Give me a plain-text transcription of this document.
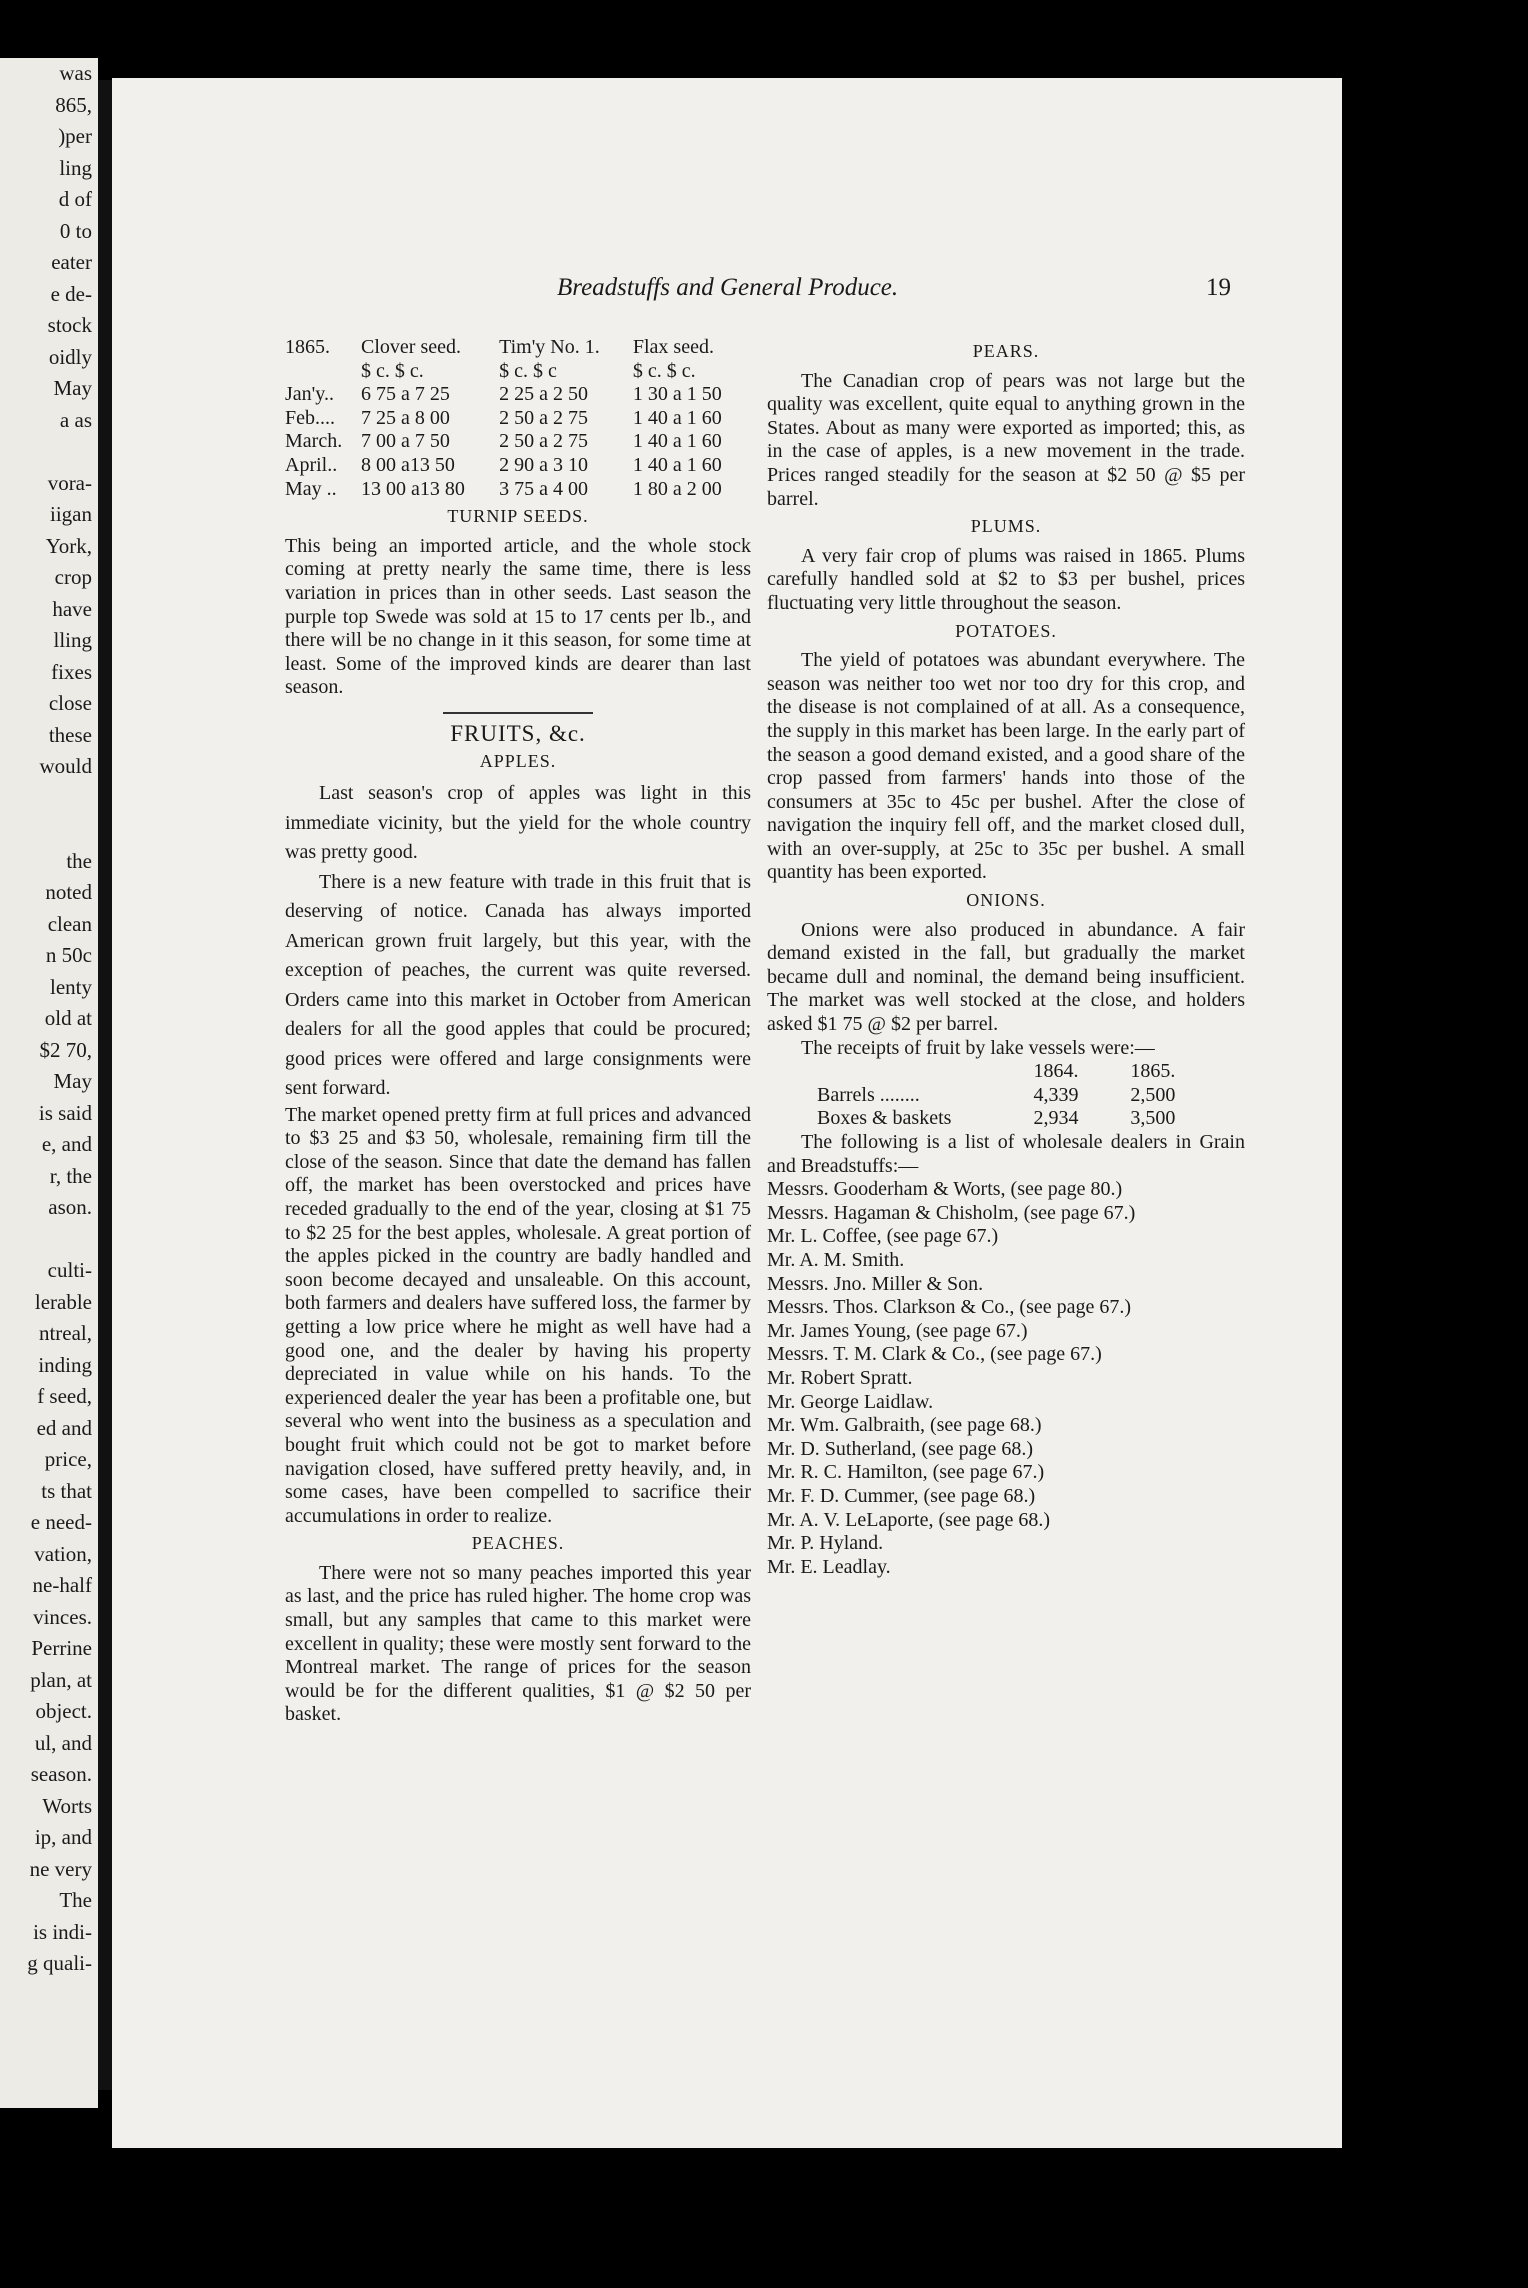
was
865,
)per
ling
d of
0 to
eater
e de-
stock
oidly
May
a as
vora-
iigan
York,
crop
have
lling
fixes
close
these
would
the
noted
clean
n 50c
lenty
old at
$2 70,
May
is said
e, and
r, the
ason.
culti-
lerable
ntreal,
inding
f seed,
ed and
price,
ts that
e need-
vation,
ne-half
vinces.
Perrine
plan, at
object.
ul, and
season.
Worts
ip, and
ne very
The
is indi-
g quali-
Breadstuffs and General Produce.	19
1865.	Clover seed.	Tim'y No. 1.	Flax seed.
	$ c. $ c.	$ c. $ c	$ c. $ c.
Jan'y..	6 75 a 7 25	2 25 a 2 50	1 30 a 1 50
Feb....	7 25 a 8 00	2 50 a 2 75	1 40 a 1 60
March.	7 00 a 7 50	2 50 a 2 75	1 40 a 1 60
April..	8 00 a13 50	2 90 a 3 10	1 40 a 1 60
May ..	13 00 a13 80	3 75 a 4 00	1 80 a 2 00
TURNIP SEEDS.

This being an imported article, and the whole stock coming at pretty nearly the same time, there is less variation in prices than in other seeds. Last season the purple top Swede was sold at 15 to 17 cents per lb., and there will be no change in it this season, for some time at least. Some of the improved kinds are dearer than last season.

FRUITS, &c.
APPLES.

Last season's crop of apples was light in this immediate vicinity, but the yield for the whole country was pretty good.

There is a new feature with trade in this fruit that is deserving of notice. Canada has always imported American grown fruit largely, but this year, with the exception of peaches, the current was quite reversed. Orders came into this market in October from American dealers for all the good apples that could be procured; good prices were offered and large consignments were sent forward.

The market opened pretty firm at full prices and advanced to $3 25 and $3 50, wholesale, remaining firm till the close of the season. Since that date the demand has fallen off, the market has been overstocked and prices have receded gradually to the end of the year, closing at $1 75 to $2 25 for the best apples, wholesale. A great portion of the apples picked in the country are badly handled and soon become decayed and unsaleable. On this account, both farmers and dealers have suffered loss, the farmer by getting a low price where he might as well have had a good one, and the dealer by having his property depreciated in value while on his hands. To the experienced dealer the year has been a profitable one, but several who went into the business as a speculation and bought fruit which could not be got to market before navigation closed, have suffered pretty heavily, and, in some cases, have been compelled to sacrifice their accumulations in order to realize.

PEACHES.

There were not so many peaches imported this year as last, and the price has ruled higher. The home crop was small, but any samples that came to this market were excellent in quality; these were mostly sent forward to the Montreal market. The range of prices for the season would be for the different qualities, $1 @ $2 50 per basket.

PEARS.

The Canadian crop of pears was not large but the quality was excellent, quite equal to anything grown in the States. About as many were exported as imported; this, as in the case of apples, is a new movement in the trade. Prices ranged steadily for the season at $2 50 @ $5 per barrel.

PLUMS.

A very fair crop of plums was raised in 1865. Plums carefully handled sold at $2 to $3 per bushel, prices fluctuating very little throughout the season.

POTATOES.

The yield of potatoes was abundant everywhere. The season was neither too wet nor too dry for this crop, and the disease is not complained of at all. As a consequence, the supply in this market has been large. In the early part of the season a good demand existed, and a good share of the crop passed from farmers' hands into those of the consumers at 35c to 45c per bushel. After the close of navigation the inquiry fell off, and the market closed dull, with an over-supply, at 25c to 35c per bushel. A small quantity has been exported.

ONIONS.

Onions were also produced in abundance. A fair demand existed in the fall, but gradually the market became dull and nominal, the demand being insufficient. The market was well stocked at the close, and holders asked $1 75 @ $2 per barrel.

The receipts of fruit by lake vessels were:—

	1864.	1865.
Barrels ........	4,339	2,500
Boxes & baskets	2,934	3,500

The following is a list of wholesale dealers in Grain and Breadstuffs:—

Messrs. Gooderham & Worts, (see page 80.)
Messrs. Hagaman & Chisholm, (see page 67.)
Mr. L. Coffee, (see page 67.)
Mr. A. M. Smith.
Messrs. Jno. Miller & Son.
Messrs. Thos. Clarkson & Co., (see page 67.)
Mr. James Young, (see page 67.)
Messrs. T. M. Clark & Co., (see page 67.)
Mr. Robert Spratt.
Mr. George Laidlaw.
Mr. Wm. Galbraith, (see page 68.)
Mr. D. Sutherland, (see page 68.)
Mr. R. C. Hamilton, (see page 67.)
Mr. F. D. Cummer, (see page 68.)
Mr. A. V. LeLaporte, (see page 68.)
Mr. P. Hyland.
Mr. E. Leadlay.
